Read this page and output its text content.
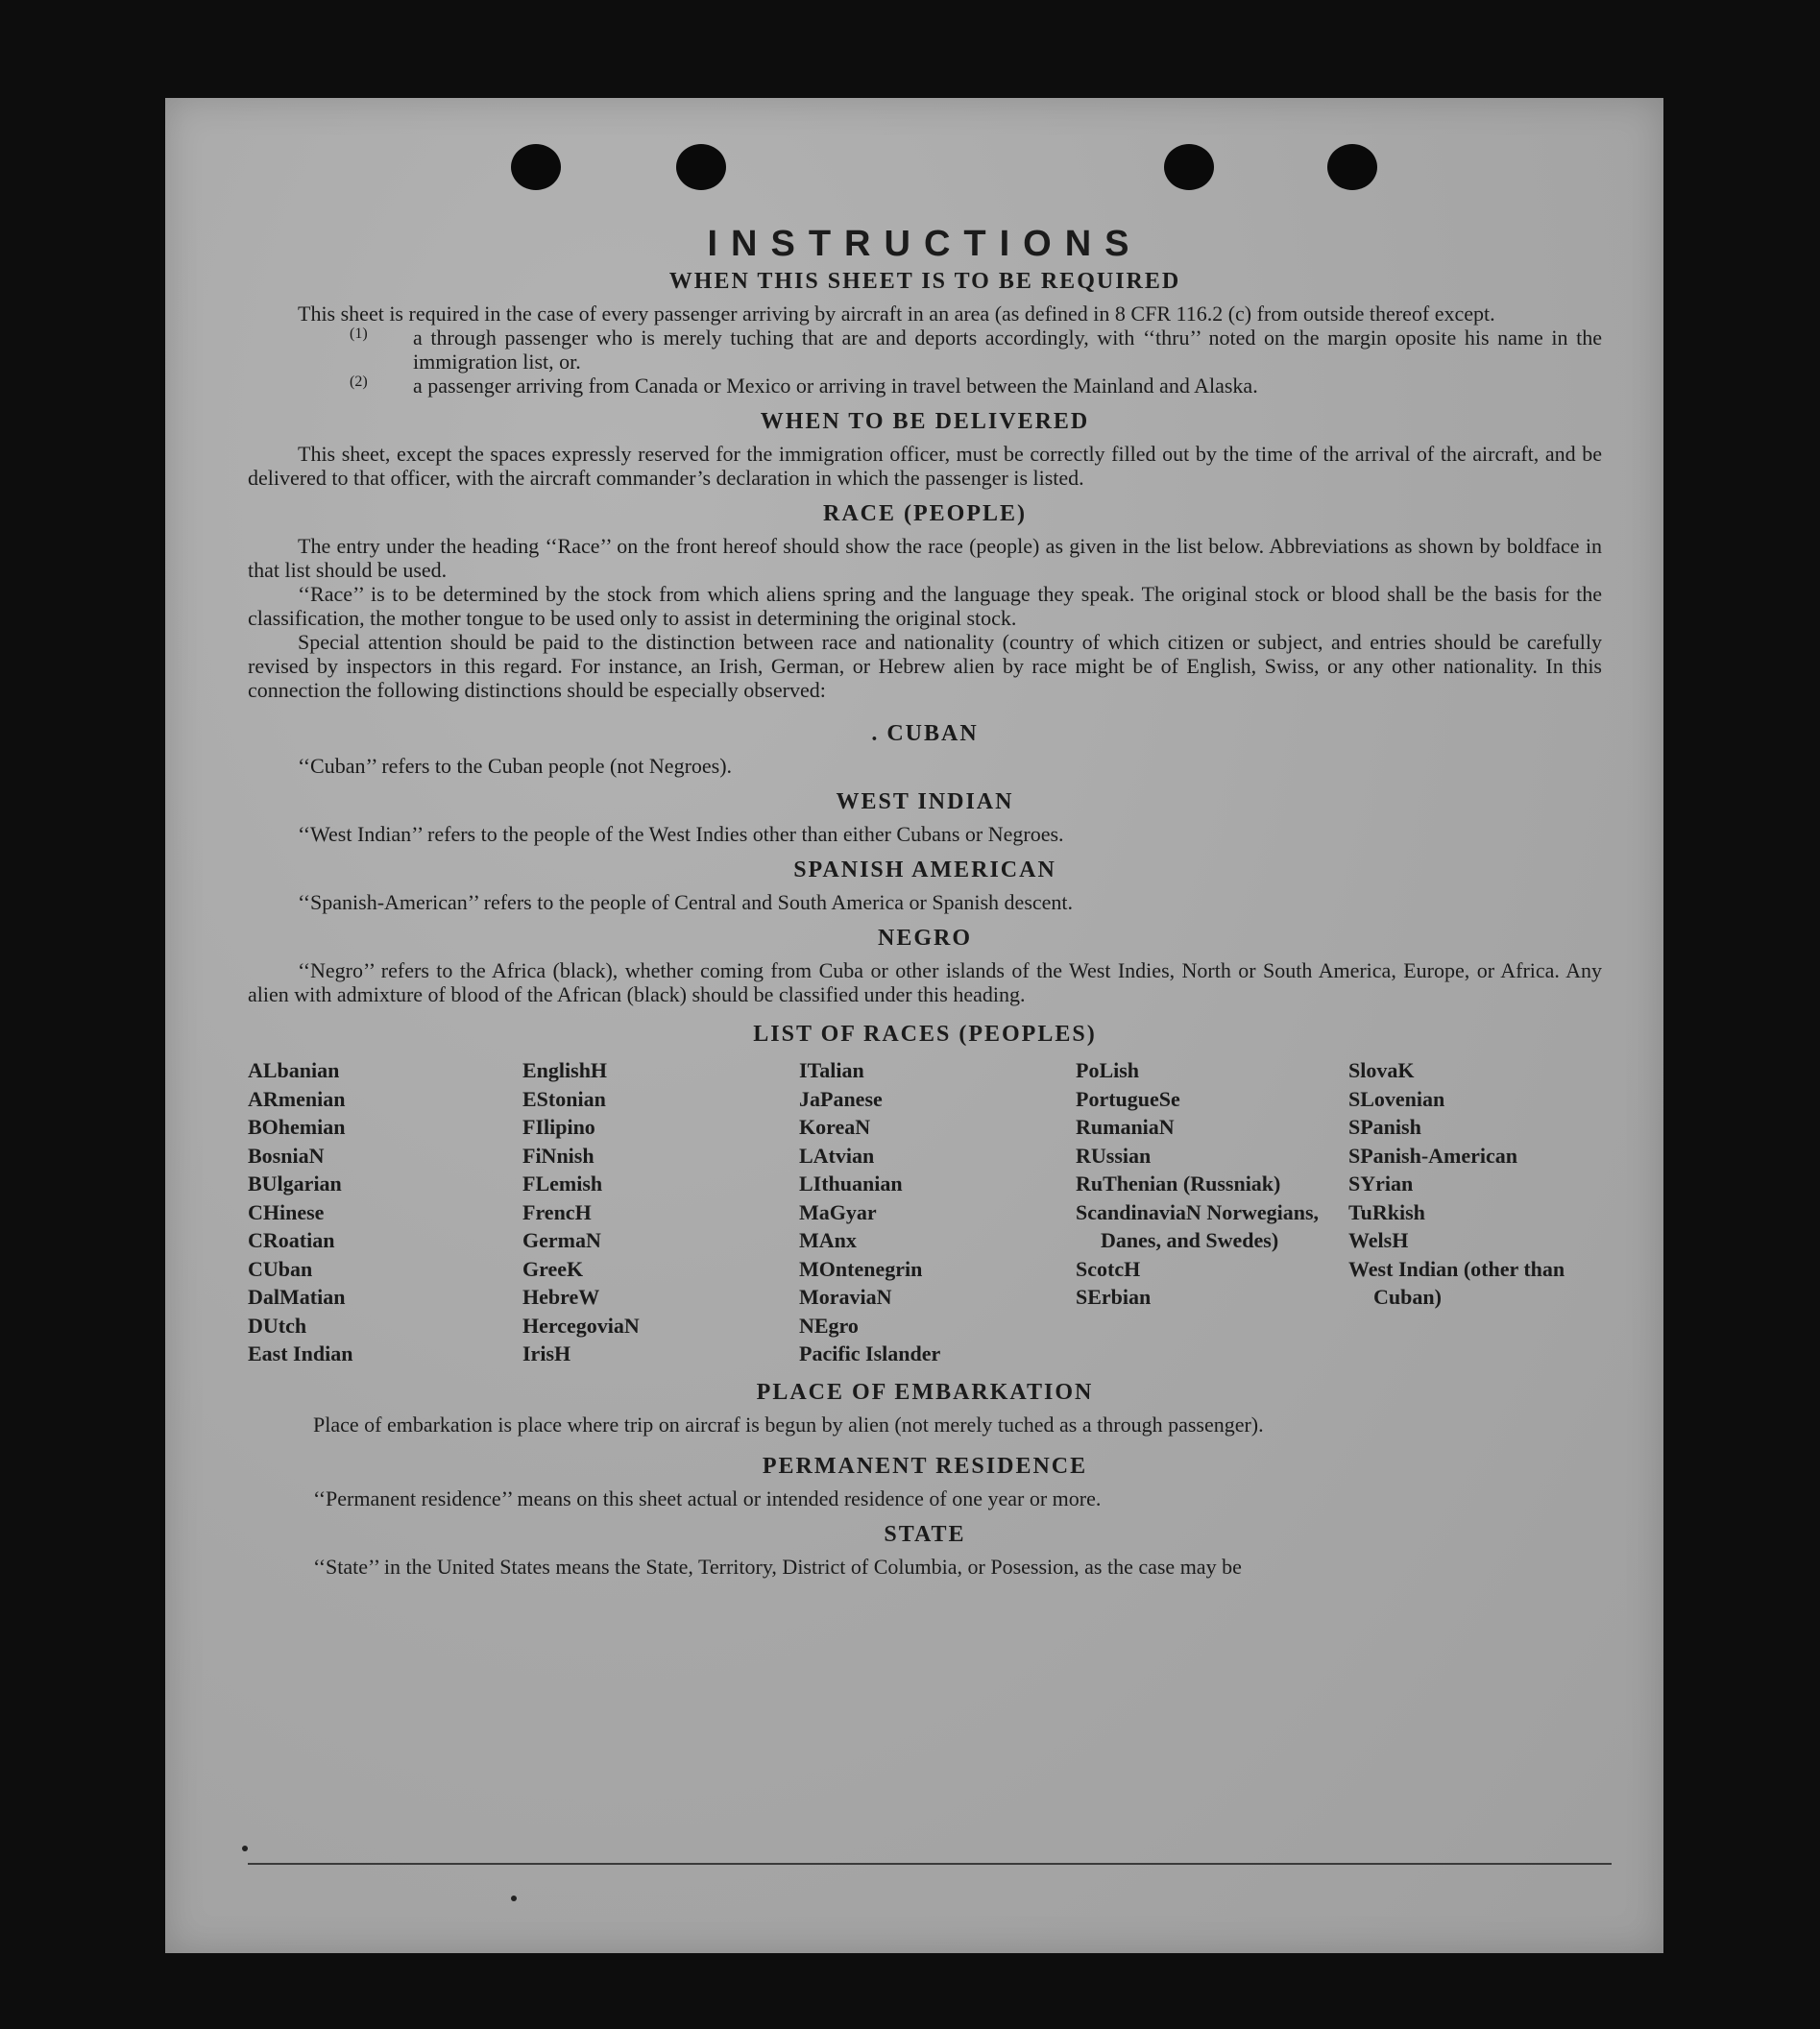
INSTRUCTIONS
WHEN THIS SHEET IS TO BE REQUIRED

This sheet is required in the case of every passenger arriving by aircraft in an area (as defined in 8 CFR 116.2 (c) from outside thereof except.

(1)	a through passenger who is merely tuching that are and deports accordingly, with ‘‘thru’’ noted on the margin oposite his name in the immigration list, or.

(2)	a passenger arriving from Canada or Mexico or arriving in travel between the Mainland and Alaska.

WHEN TO BE DELIVERED

This sheet, except the spaces expressly reserved for the immigration officer, must be correctly filled out by the time of the arrival of the aircraft, and be delivered to that officer, with the aircraft commander’s declaration in which the passenger is listed.

RACE (PEOPLE)

The entry under the heading ‘‘Race’’ on the front hereof should show the race (people) as given in the list below. Abbreviations as shown by boldface in that list should be used.

‘‘Race’’ is to be determined by the stock from which aliens spring and the language they speak. The original stock or blood shall be the basis for the classification, the mother tongue to be used only to assist in determining the original stock.

Special attention should be paid to the distinction between race and nationality (country of which citizen or subject, and entries should be carefully revised by inspectors in this regard. For instance, an Irish, German, or Hebrew alien by race might be of English, Swiss, or any other nationality. In this connection the following distinctions should be especially observed:

. CUBAN

‘‘Cuban’’ refers to the Cuban people (not Negroes).

WEST INDIAN

‘‘West Indian’’ refers to the people of the West Indies other than either Cubans or Negroes.

SPANISH AMERICAN

‘‘Spanish-American’’ refers to the people of Central and South America or Spanish descent.

NEGRO

‘‘Negro’’ refers to the Africa (black), whether coming from Cuba or other islands of the West Indies, North or South America, Europe, or Africa. Any alien with admixture of blood of the African (black) should be classified under this heading.

LIST OF RACES (PEOPLES)
ALbanian
ARmenian
BOhemian
BosniaN
BUlgarian
CHinese
CRoatian
CUban
DalMatian
DUtch
East Indian
EnglishH
EStonian
FIlipino
FiNnish
FLemish
FrencH
GermaN
GreeK
HebreW
HercegoviaN
IrisH
ITalian
JaPanese
KoreaN
LAtvian
LIthuanian
MaGyar
MAnx
MOntenegrin
MoraviaN
NEgro
Pacific Islander
PoLish
PortugueSe
RumaniaN
RUssian
RuThenian (Russniak)
ScandinaviaN Norwegians, Danes, and Swedes)
ScotcH
SErbian
SlovaK
SLovenian
SPanish
SPanish-American
SYrian
TuRkish
WelsH
West Indian (other than Cuban)
PLACE OF EMBARKATION

Place of embarkation is place where trip on aircraf is begun by alien (not merely tuched as a through passenger).

PERMANENT RESIDENCE

‘‘Permanent residence’’ means on this sheet actual or intended residence of one year or more.

STATE

‘‘State’’ in the United States means the State, Territory, District of Columbia, or Posession, as the case may be
